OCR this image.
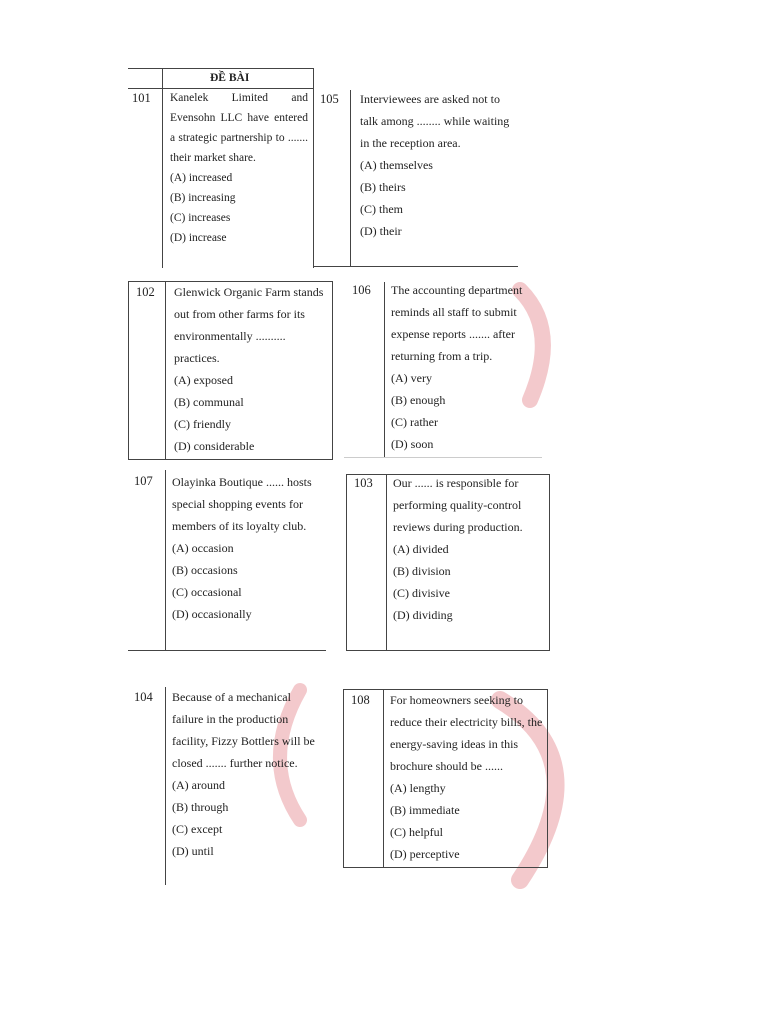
ĐỀ BÀI
101 Kanelek Limited and Evensohn LLC have entered a strategic partnership to ....... their market share.
(A) increased
(B) increasing
(C) increases
(D) increase
105 Interviewees are asked not to talk among ........ while waiting in the reception area.
(A) themselves
(B) theirs
(C) them
(D) their
102 Glenwick Organic Farm stands out from other farms for its environmentally .......... practices.
(A) exposed
(B) communal
(C) friendly
(D) considerable
106 The accounting department reminds all staff to submit expense reports ....... after returning from a trip.
(A) very
(B) enough
(C) rather
(D) soon
107 Olayinka Boutique ...... hosts special shopping events for members of its loyalty club.
(A) occasion
(B) occasions
(C) occasional
(D) occasionally
103 Our ...... is responsible for performing quality-control reviews during production.
(A) divided
(B) division
(C) divisive
(D) dividing
104 Because of a mechanical failure in the production facility, Fizzy Bottlers will be closed ....... further notice.
(A) around
(B) through
(C) except
(D) until
108 For homeowners seeking to reduce their electricity bills, the energy-saving ideas in this brochure should be ......
(A) lengthy
(B) immediate
(C) helpful
(D) perceptive
